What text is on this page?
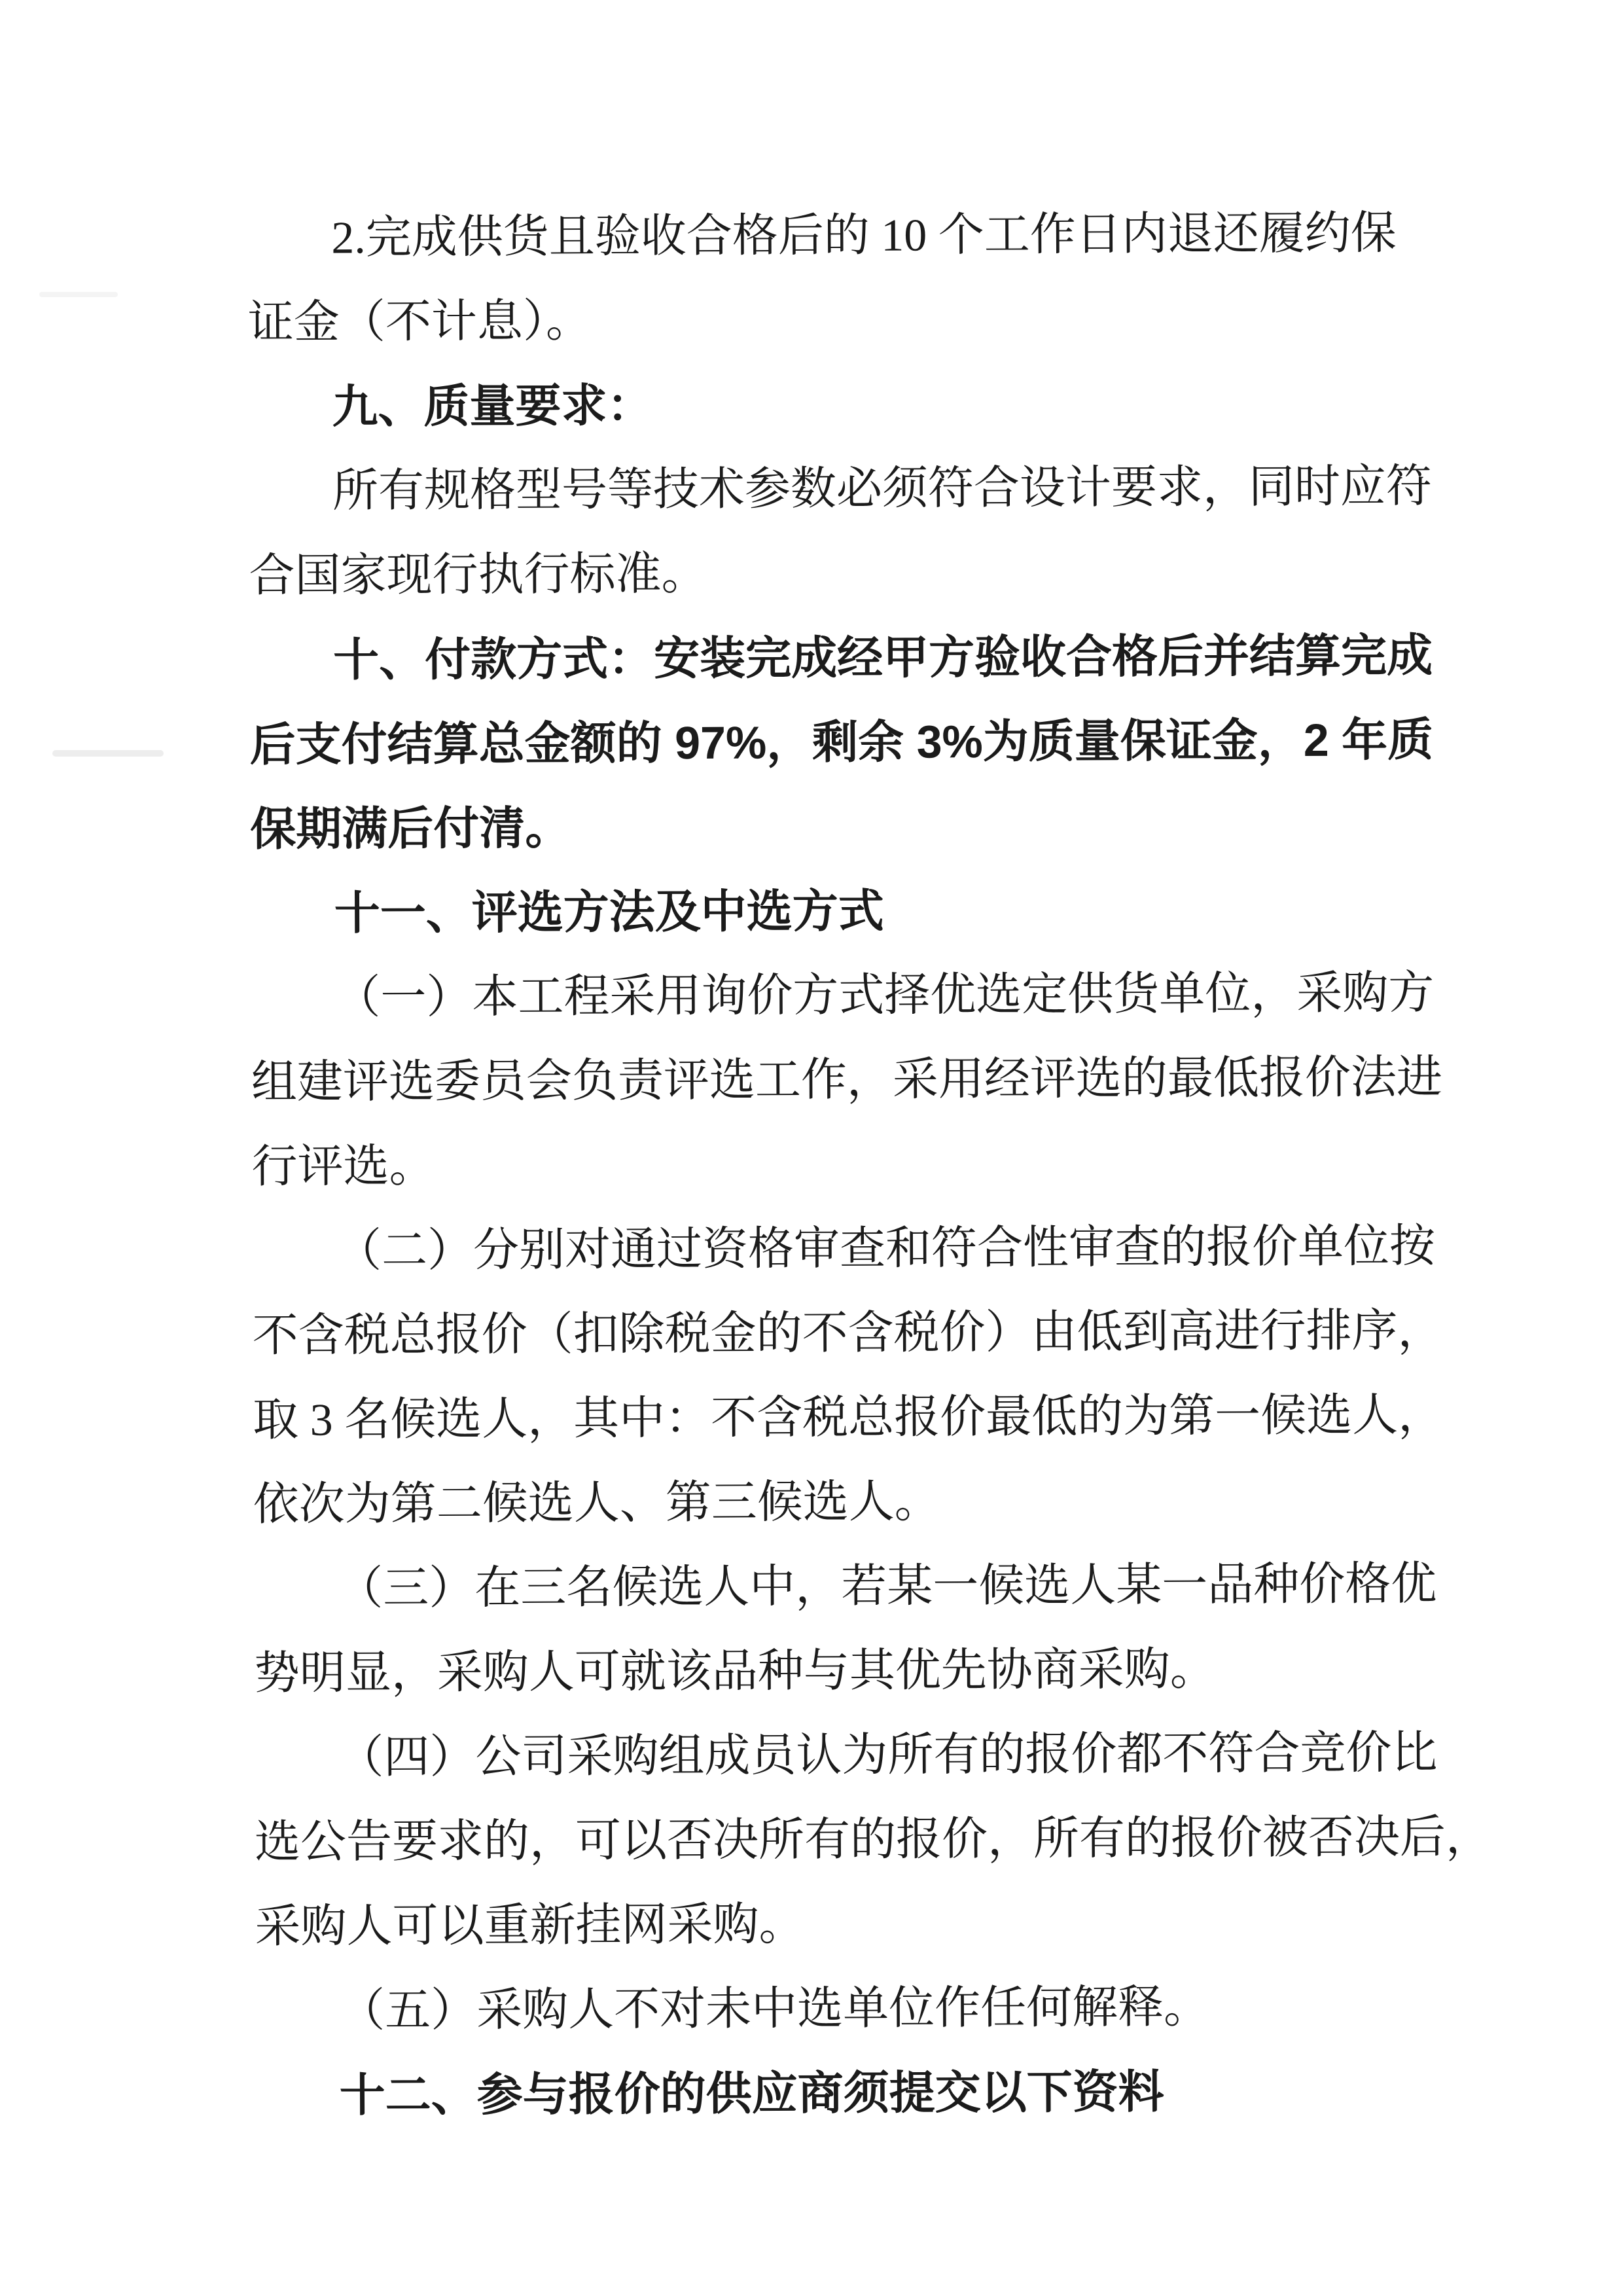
2.完成供货且验收合格后的 10 个工作日内退还履约保
证金（不计息）。
九、质量要求：
所有规格型号等技术参数必须符合设计要求，同时应符
合国家现行执行标准。
十、付款方式：安装完成经甲方验收合格后并结算完成
后支付结算总金额的 97%，剩余 3%为质量保证金，2 年质
保期满后付清。
十一、评选方法及中选方式
（一）本工程采用询价方式择优选定供货单位，采购方
组建评选委员会负责评选工作，采用经评选的最低报价法进
行评选。
（二）分别对通过资格审查和符合性审查的报价单位按
不含税总报价（扣除税金的不含税价）由低到高进行排序，
取 3 名候选人，其中：不含税总报价最低的为第一候选人，
依次为第二候选人、第三候选人。
（三）在三名候选人中，若某一候选人某一品种价格优
势明显，采购人可就该品种与其优先协商采购。
（四）公司采购组成员认为所有的报价都不符合竞价比
选公告要求的，可以否决所有的报价，所有的报价被否决后，
采购人可以重新挂网采购。
（五）采购人不对未中选单位作任何解释。
十二、参与报价的供应商须提交以下资料
